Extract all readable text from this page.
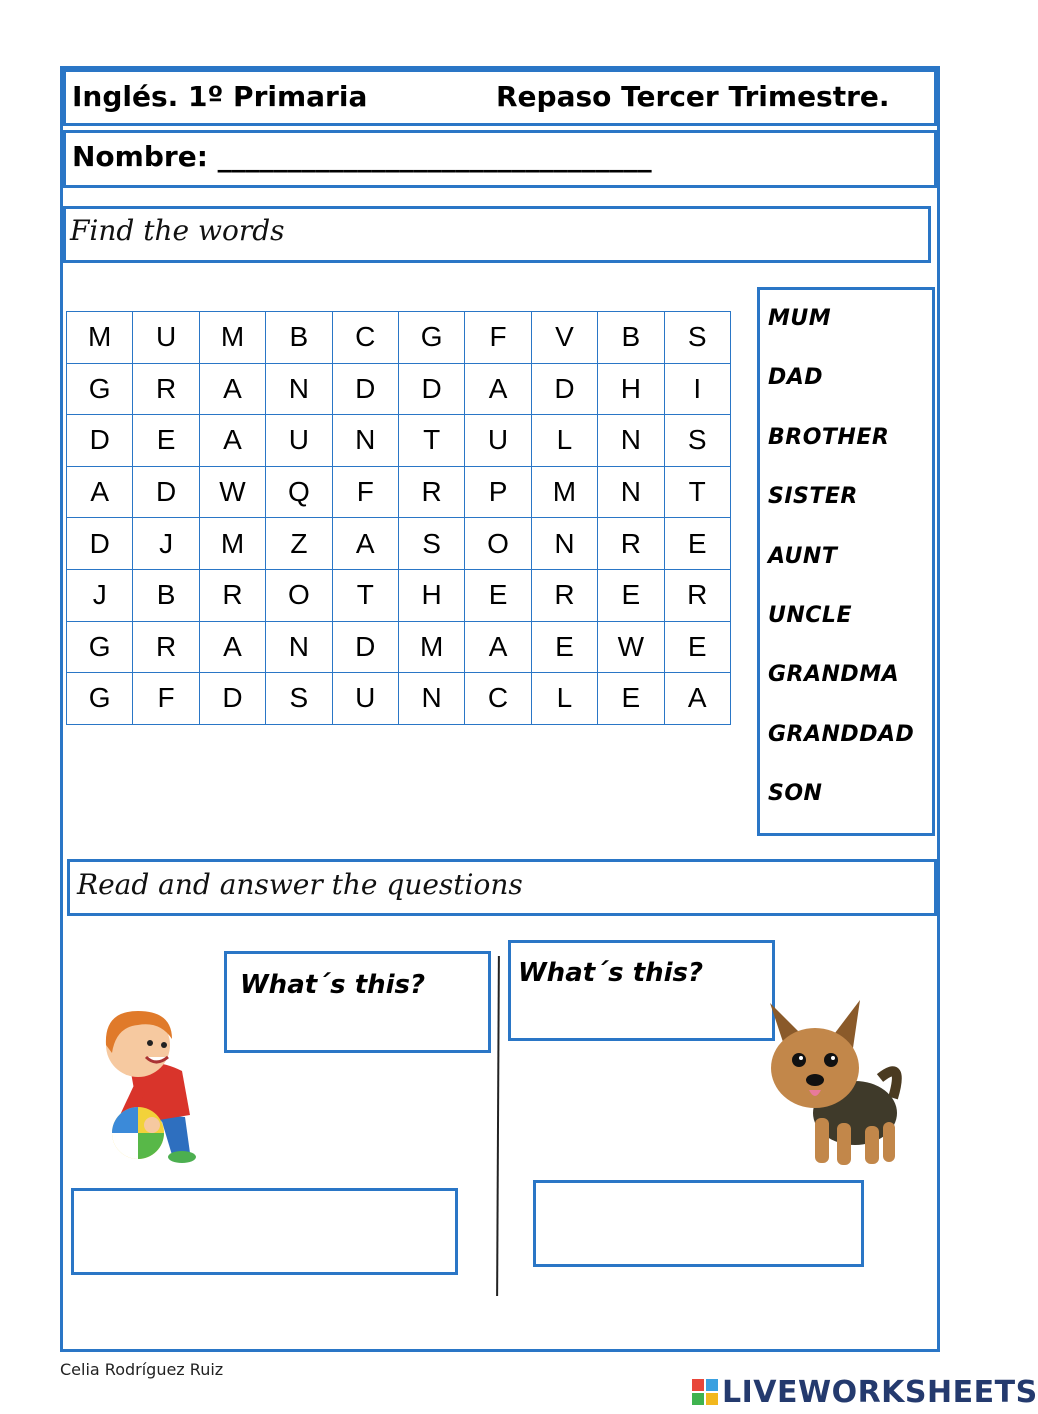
Inglés. 1º Primaria	Repaso Tercer Trimestre.
Nombre: _______________________________
Find the words
M	U	M	B	C	G	F	V	B	S
G	R	A	N	D	D	A	D	H	I
D	E	A	U	N	T	U	L	N	S
A	D	W	Q	F	R	P	M	N	T
D	J	M	Z	A	S	O	N	R	E
J	B	R	O	T	H	E	R	E	R
G	R	A	N	D	M	A	E	W	E
G	F	D	S	U	N	C	L	E	A
MUM
DAD
BROTHER
SISTER
AUNT
UNCLE
GRANDMA
GRANDDAD
SON
Read and answer the questions
What´s this?	What´s this?
Celia Rodríguez Ruiz
LIVEWORKSHEETS
